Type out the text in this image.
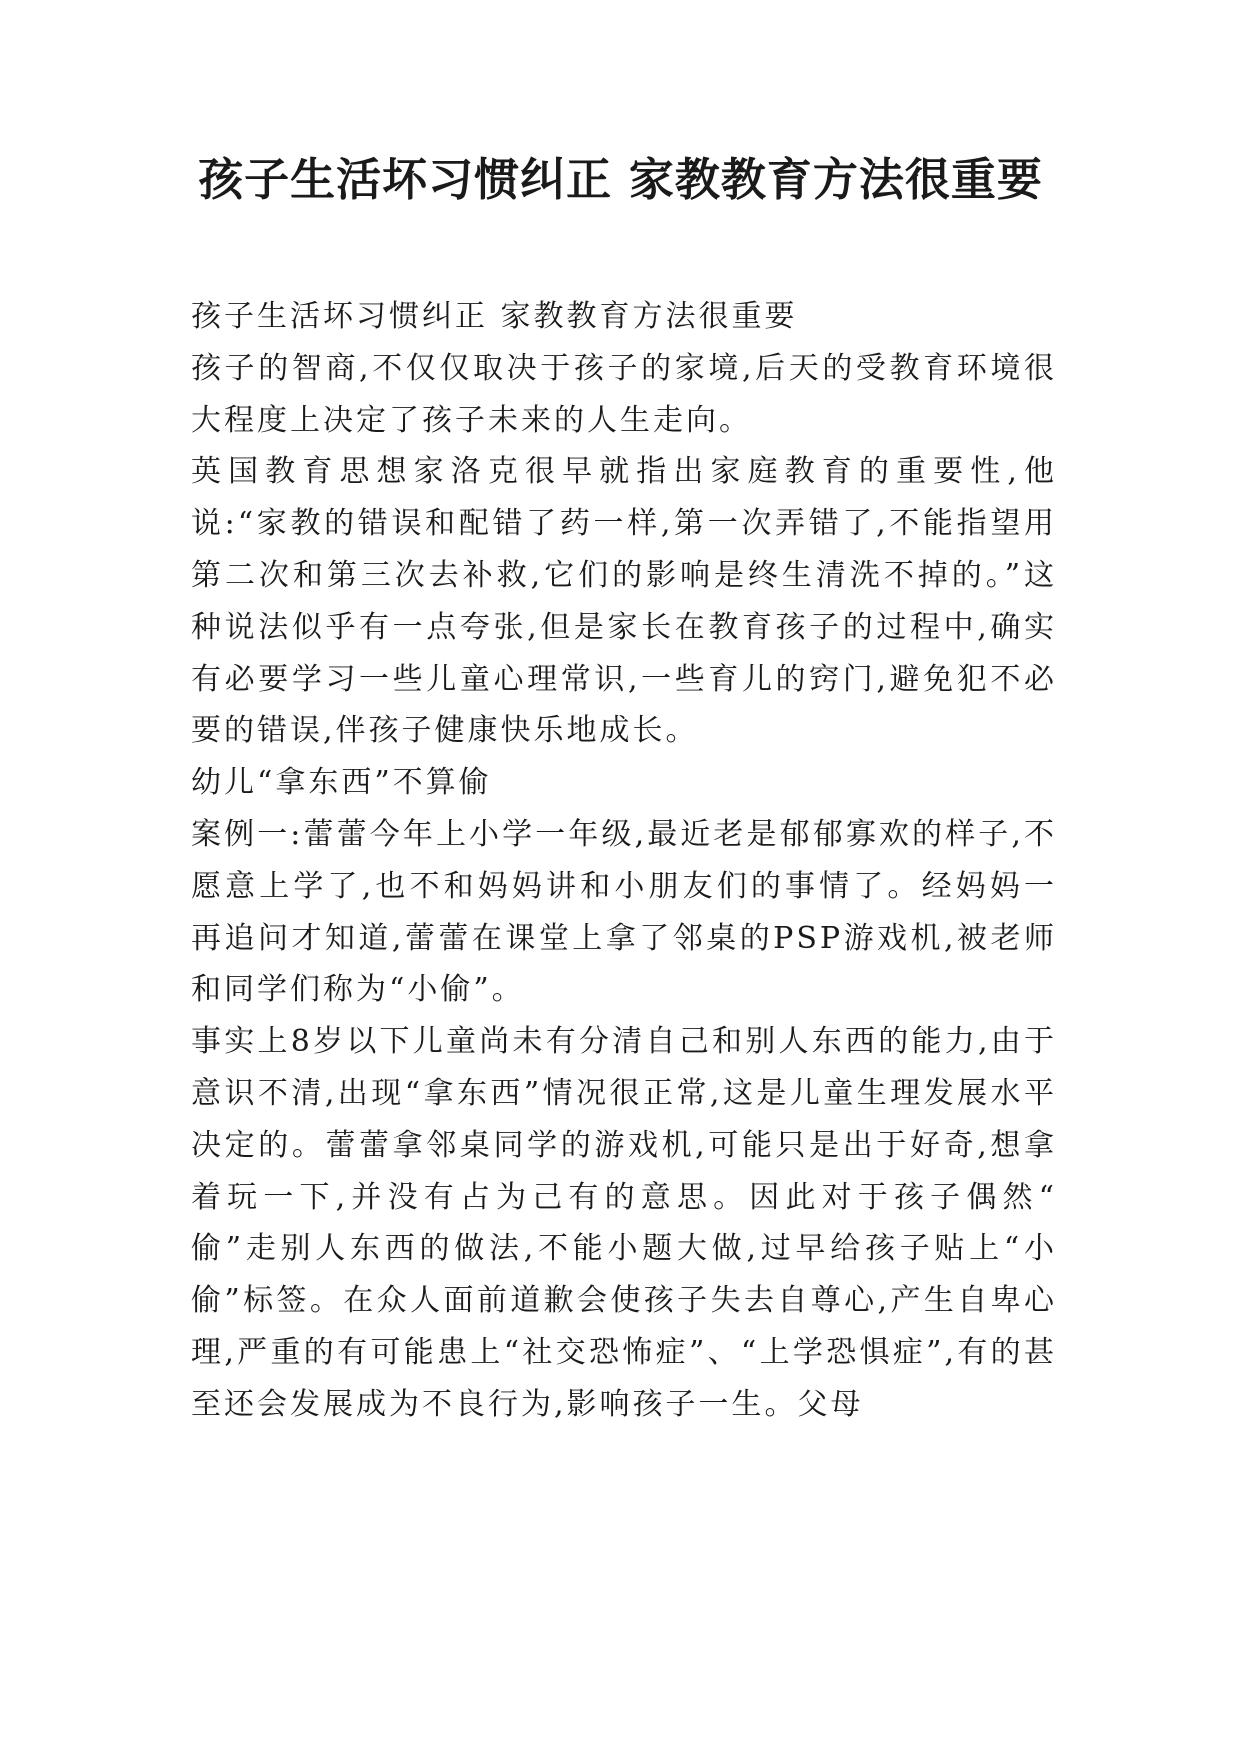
孩子生活坏习惯纠正 家教教育方法很重要

孩子生活坏习惯纠正 家教教育方法很重要

孩子的智商,不仅仅取决于孩子的家境,后天的受教育环境很大程度上决定了孩子未来的人生走向。

英国教育思想家洛克很早就指出家庭教育的重要性,他说:“家教的错误和配错了药一样,第一次弄错了,不能指望用第二次和第三次去补救,它们的影响是终生清洗不掉的。”这种说法似乎有一点夸张,但是家长在教育孩子的过程中,确实有必要学习一些儿童心理常识,一些育儿的窍门,避免犯不必要的错误,伴孩子健康快乐地成长。

幼儿“拿东西”不算偷

案例一:蕾蕾今年上小学一年级,最近老是郁郁寡欢的样子,不愿意上学了,也不和妈妈讲和小朋友们的事情了。经妈妈一再追问才知道,蕾蕾在课堂上拿了邻桌的PSP游戏机,被老师和同学们称为“小偷”。

事实上8岁以下儿童尚未有分清自己和别人东西的能力,由于意识不清,出现“拿东西”情况很正常,这是儿童生理发展水平决定的。蕾蕾拿邻桌同学的游戏机,可能只是出于好奇,想拿着玩一下,并没有占为己有的意思。因此对于孩子偶然“ 偷”走别人东西的做法,不能小题大做,过早给孩子贴上“小偷”标签。在众人面前道歉会使孩子失去自尊心,产生自卑心理,严重的有可能患上“社交恐怖症”、“上学恐惧症”,有的甚至还会发展成为不良行为,影响孩子一生。父母
